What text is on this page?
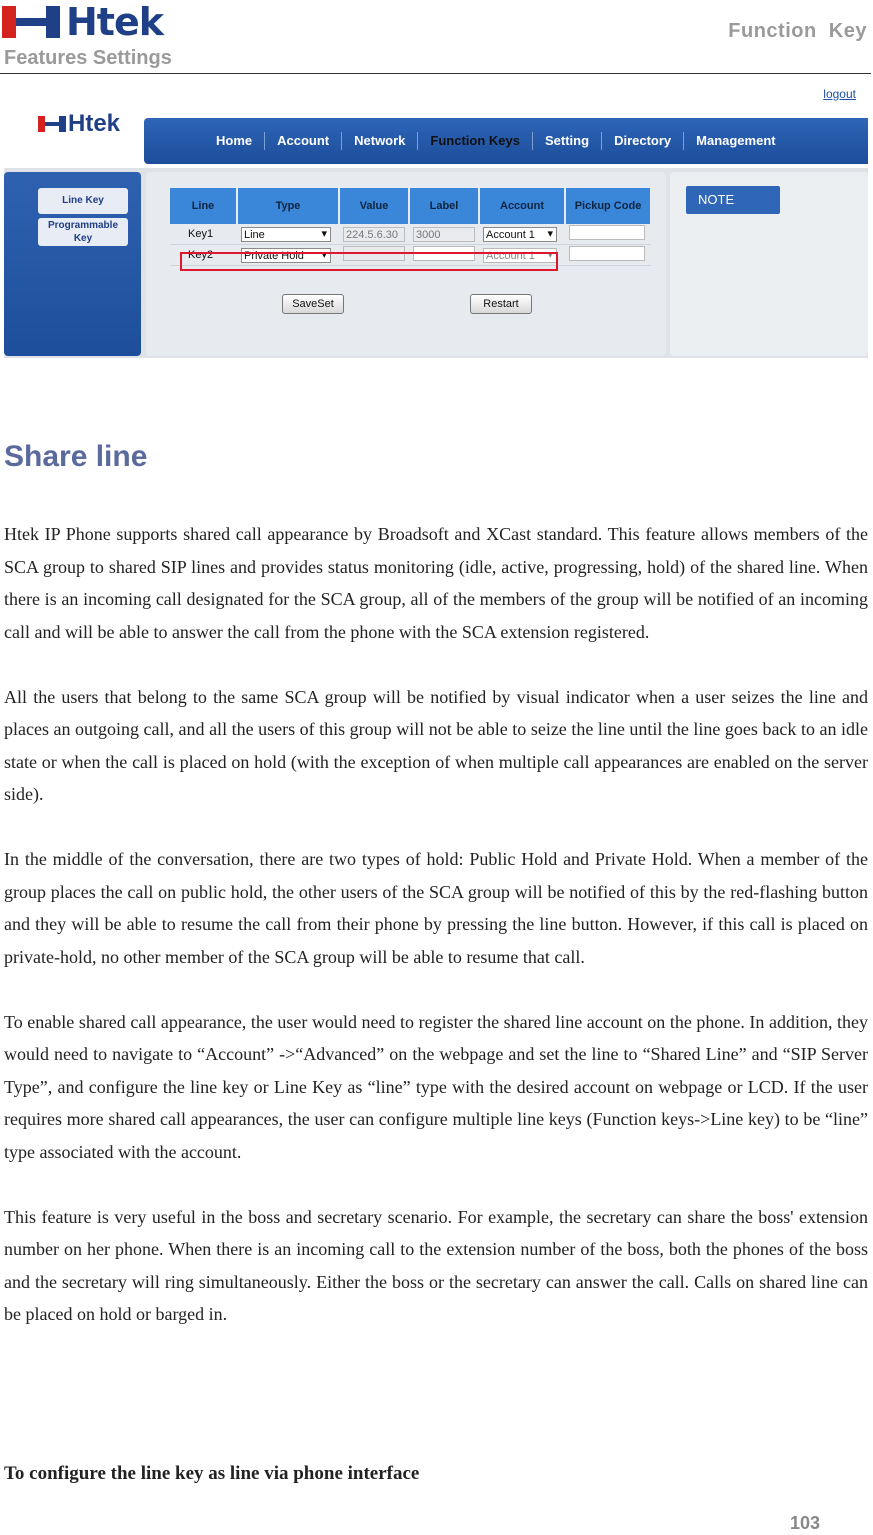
Htek	Function  Key
Features Settings
logout
Htek
Home	Account	Network	Function Keys	Setting	Directory	Management
Line Key
Programmable Key
Line	Type	Value	Label	Account	Pickup Code
Key1	Line ▾	224.5.6.30	3000	Account 1 ▾	
Key2	Private Hold ▾			Account 1 ▾	
SaveSet	Restart
NOTE
Share line

Htek IP Phone supports shared call appearance by Broadsoft and XCast standard. This feature allows members of the SCA group to shared SIP lines and provides status monitoring (idle, active, progressing, hold) of the shared line. When there is an incoming call designated for the SCA group, all of the members of the group will be notified of an incoming call and will be able to answer the call from the phone with the SCA extension registered.

All the users that belong to the same SCA group will be notified by visual indicator when a user seizes the line and places an outgoing call, and all the users of this group will not be able to seize the line until the line goes back to an idle state or when the call is placed on hold (with the exception of when multiple call appearances are enabled on the server side).

In the middle of the conversation, there are two types of hold: Public Hold and Private Hold. When a member of the group places the call on public hold, the other users of the SCA group will be notified of this by the red-flashing button and they will be able to resume the call from their phone by pressing the line button. However, if this call is placed on private-hold, no other member of the SCA group will be able to resume that call.

To enable shared call appearance, the user would need to register the shared line account on the phone. In addition, they would need to navigate to “Account” ->“Advanced” on the webpage and set the line to “Shared Line” and “SIP Server Type”, and configure the line key or Line Key as “line” type with the desired account on webpage or LCD. If the user requires more shared call appearances, the user can configure multiple line keys (Function keys->Line key) to be “line” type associated with the account.

This feature is very useful in the boss and secretary scenario. For example, the secretary can share the boss' extension number on her phone. When there is an incoming call to the extension number of the boss, both the phones of the boss and the secretary will ring simultaneously. Either the boss or the secretary can answer the call. Calls on shared line can be placed on hold or barged in.

To configure the line key as line via phone interface
103
